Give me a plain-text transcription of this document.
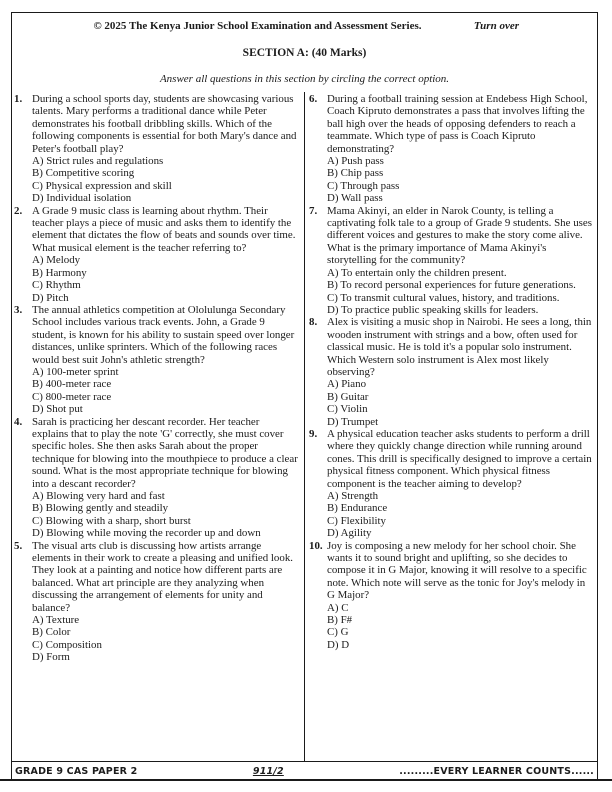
© 2025 The Kenya Junior School Examination and Assessment Series.	Turn over
SECTION A: (40 Marks)
Answer all questions in this section by circling the correct option.
1. During a school sports day, students are showcasing various talents. Mary performs a traditional dance while Peter demonstrates his football dribbling skills. Which of the following components is essential for both Mary's dance and Peter's football play?
A) Strict rules and regulations
B) Competitive scoring
C) Physical expression and skill
D) Individual isolation
2. A Grade 9 music class is learning about rhythm. Their teacher plays a piece of music and asks them to identify the element that dictates the flow of beats and sounds over time. What musical element is the teacher referring to?
A) Melody
B) Harmony
C) Rhythm
D) Pitch
3. The annual athletics competition at Ololulunga Secondary School includes various track events. John, a Grade 9 student, is known for his ability to sustain speed over longer distances, unlike sprinters. Which of the following races would best suit John's athletic strength?
A) 100-meter sprint
B) 400-meter race
C) 800-meter race
D) Shot put
4. Sarah is practicing her descant recorder. Her teacher explains that to play the note 'G' correctly, she must cover specific holes. She then asks Sarah about the proper technique for blowing into the mouthpiece to produce a clear sound. What is the most appropriate technique for blowing into a descant recorder?
A) Blowing very hard and fast
B) Blowing gently and steadily
C) Blowing with a sharp, short burst
D) Blowing while moving the recorder up and down
5. The visual arts club is discussing how artists arrange elements in their work to create a pleasing and unified look. They look at a painting and notice how different parts are balanced. What art principle are they analyzing when discussing the arrangement of elements for unity and balance?
A) Texture
B) Color
C) Composition
D) Form
6. During a football training session at Endebess High School, Coach Kipruto demonstrates a pass that involves lifting the ball high over the heads of opposing defenders to reach a teammate. Which type of pass is Coach Kipruto demonstrating?
A) Push pass
B) Chip pass
C) Through pass
D) Wall pass
7. Mama Akinyi, an elder in Narok County, is telling a captivating folk tale to a group of Grade 9 students. She uses different voices and gestures to make the story come alive. What is the primary importance of Mama Akinyi's storytelling for the community?
A) To entertain only the children present.
B) To record personal experiences for future generations.
C) To transmit cultural values, history, and traditions.
D) To practice public speaking skills for leaders.
8. Alex is visiting a music shop in Nairobi. He sees a long, thin wooden instrument with strings and a bow, often used for classical music. He is told it's a popular solo instrument. Which Western solo instrument is Alex most likely observing?
A) Piano
B) Guitar
C) Violin
D) Trumpet
9. A physical education teacher asks students to perform a drill where they quickly change direction while running around cones. This drill is specifically designed to improve a certain physical fitness component. Which physical fitness component is the teacher aiming to develop?
A) Strength
B) Endurance
C) Flexibility
D) Agility
10. Joy is composing a new melody for her school choir. She wants it to sound bright and uplifting, so she decides to compose it in G Major, knowing it will resolve to a specific note. Which note will serve as the tonic for Joy's melody in G Major?
A) C
B) F#
C) G
D) D
GRADE 9 CAS PAPER 2	911/2	.........EVERY LEARNER COUNTS......
